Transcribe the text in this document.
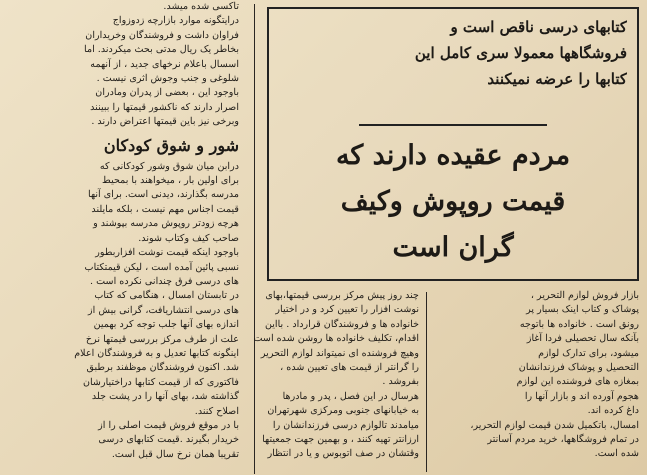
تاکسی شده میشد.
درایتگونه موارد بازارچه زدوزواج
فراوان داشت و فروشندگان وخریداران
بخاطر یک ریال مدتی بحث میکردند. اما
اسسال باعلام نرخهای جدید ، از آنهمه
شلوغی و جنب وجوش اثری نیست .
باوجود این ، بعضی از پدران ومادران
اصرار دارند که ناکشور قیمتها را ببینند
وبرخی نیز باین قیمتها اعتراض دارند .
شور و شوق کودکان
درابن میان شوق وشور کودکانی که
برای اولین بار ، میخواهند با بمحیط
مدرسه بگذارند، دیدنی است. برای آنها
قیمت اجناس مهم نیست ، بلکه مایلند
هرچه زودتر روپوش مدرسه بپوشند و
صاحب کیف وکتاب شوند.
باوجود اینکه قیمت نوشت افزاربطور
نسبی پائین آمده است ، لیکن قیمتکتاب
های درسی فرق چندانی نکرده است .
در تابستان امسال ، هنگامی که کتاب
های درسی انتشاریافت، گرانی بیش از
اندازه بهای آنها جلب توجه کرد بهمین
علت از طرف مرکز بررسی قیمتها نرخ
اینگونه کتابها تعدیل و به فروشندگان اعلام
شد. اکنون فروشندگان موظفند برطبق
فاکتوری که از قیمت کتابها دراختیارشان
گذاشته شد، بهای آنها را در پشت جلد
اصلاح کنند.
با در موقع فروش قیمت اصلی را از
خریدار بگیرند .قیمت کتابهای درسی
تقریبا همان نرخ سال قبل است.
کتابهای درسی ناقص است و
فروشگاهها معمولا سری کامل این
کتابها را عرضه نمیکنند
مردم عقیده دارند که
قیمت روپوش وکیف
گران است
چند روز پیش مرکز بررسی قیمتها،بهای
نوشت افزار را تعیین کرد و در اختیار
خانواده ها و فروشندگان قرارداد . بااین
اقدام، تکلیف خانواده ها روشن شده است
وهیچ فروشنده ای نمیتواند لوازم التحریر
را گرانتر از قیمت های تعیین شده ،
بفروشد .
هرسال در این فصل ، پدر و مادرها
به خیابانهای جنوبی ومرکزی شهرتهران
میامدند تالوازم درسی فرزندانشان را
ارزانتر تهیه کنند ، و بهمین جهت جمعیتها
وقتشان در صف اتوبوس و یا در انتظار
بازار فروش لوازم التحریر ،
پوشاک و کتاب اینک بسیار پر
رونق است . خانواده ها باتوجه
بآنکه سال تحصیلی فردا آغاز
میشود، برای تدارک لوازم
التحصیل و پوشاک فرزندانشان
بمغازه های فروشنده این لوازم
هجوم آورده اند و بازار آنها را
داغ کرده اند.
امسال، باتکمیل شدن قیمت لوازم التحریر،
در تمام فروشگاهها، خرید مردم آسانتر
شده است.
